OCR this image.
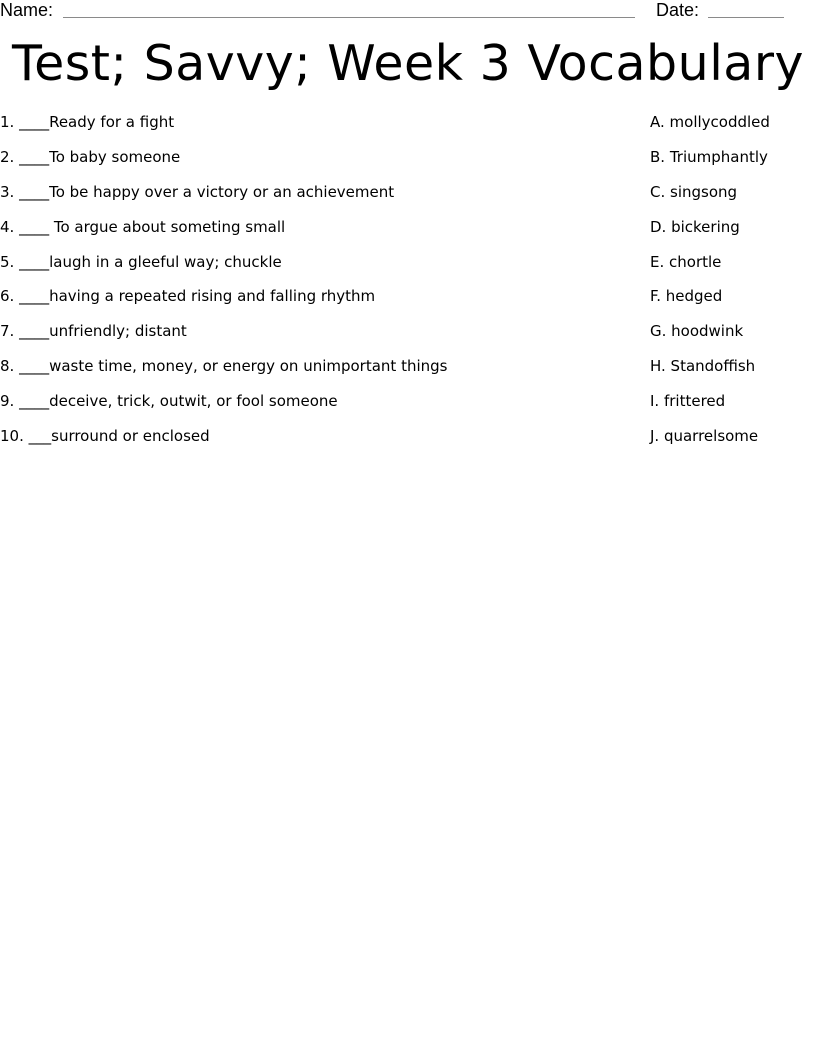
Name:	Date:
Test; Savvy; Week 3 Vocabulary
1. ____Ready for a fight
2. ____To baby someone
3. ____To be happy over a victory or an achievement
4. ____ To argue about someting small
5. ____laugh in a gleeful way; chuckle
6. ____having a repeated rising and falling rhythm
7. ____unfriendly; distant
8. ____waste time, money, or energy on unimportant things
9. ____deceive, trick, outwit, or fool someone
10. ___surround or enclosed
A. mollycoddled
B. Triumphantly
C. singsong
D. bickering
E. chortle
F. hedged
G. hoodwink
H. Standoffish
I. frittered
J. quarrelsome
